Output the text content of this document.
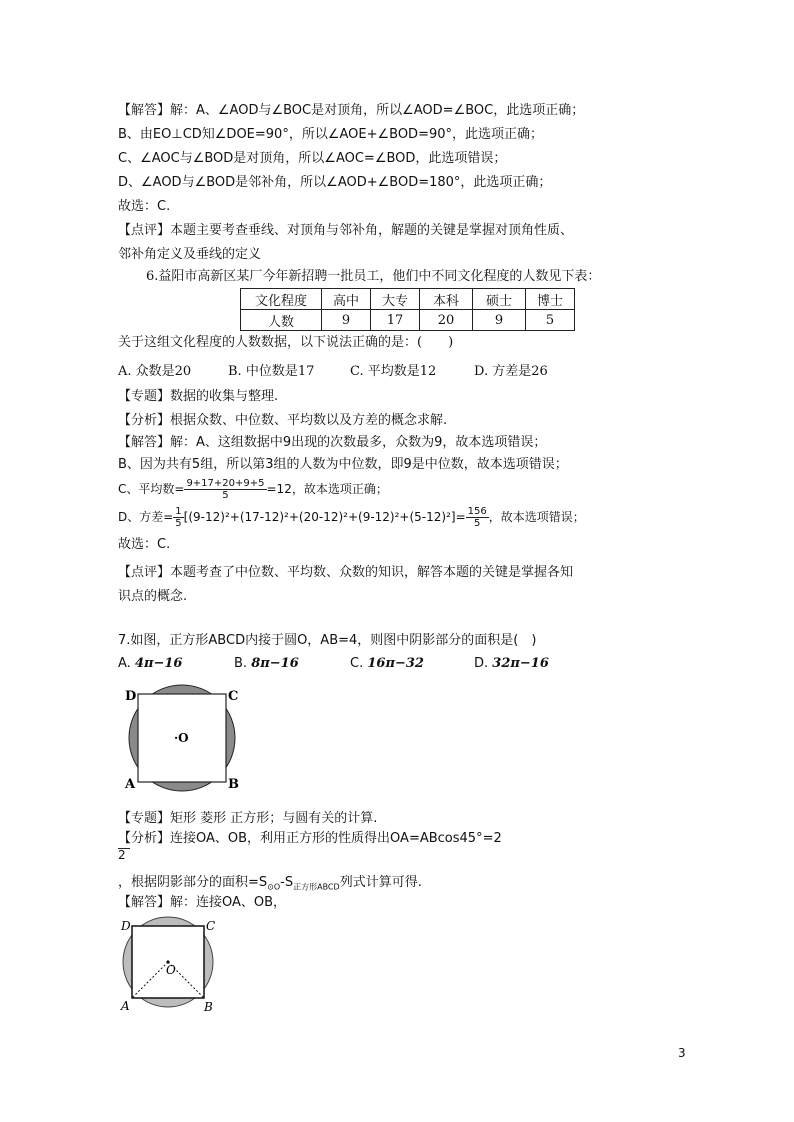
【解答】解：A、∠AOD与∠BOC是对顶角，所以∠AOD=∠BOC，此选项正确；
B、由EO⊥CD知∠DOE=90°，所以∠AOE+∠BOD=90°，此选项正确；
C、∠AOC与∠BOD是对顶角，所以∠AOC=∠BOD，此选项错误；
D、∠AOD与∠BOD是邻补角，所以∠AOD+∠BOD=180°，此选项正确；
故选：C.
【点评】本题主要考查垂线、对顶角与邻补角，解题的关键是掌握对顶角性质、
邻补角定义及垂线的定义
6.益阳市高新区某厂今年新招聘一批员工，他们中不同文化程度的人数见下表：
文化程度	高中	大专	本科	硕士	博士
人数	9	17	20	9	5
关于这组文化程度的人数数据，以下说法正确的是：(　　)
A. 众数是20	B. 中位数是17	C. 平均数是12	D. 方差是26
【专题】数据的收集与整理.
【分析】根据众数、中位数、平均数以及方差的概念求解.
【解答】解：A、这组数据中9出现的次数最多，众数为9，故本选项错误；
B、因为共有5组，所以第3组的人数为中位数，即9是中位数，故本选项错误；
C、平均数= $\frac{9+17+20+9+5}{5} =12$，故本选项正确；
D、方差= $\frac{1}{5} [(9-12)^2+(17-12)^2+(20-12)^2+(9-12)^2+(5-12)^2]= \frac{156}{5}$ ，故本选项错误；
故选：C.
【点评】本题考查了中位数、平均数、众数的知识，解答本题的关键是掌握各知
识点的概念.
7.如图，正方形ABCD内接于圆O，AB=4，则图中阴影部分的面积是(　)
A. 4π−16	B. 8π−16	C. 16π−32	D. 32π−16
D	C
A	B
·O
【专题】矩形 菱形 正方形；与圆有关的计算.
【分析】连接OA、OB，利用正方形的性质得出OA=ABcos45°=2
2
，根据阴影部分的面积$=S_{⊙O}-S_{正方形ABCD}$列式计算可得.
【解答】解：连接OA、OB，
D	C
A	B
O
3
